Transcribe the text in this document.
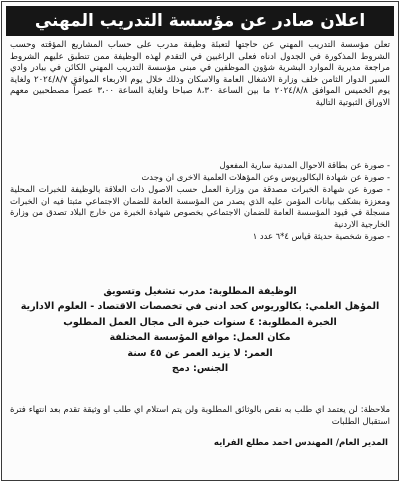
اعلان صادر عن مؤسسة التدريب المهني

تعلن مؤسسة التدريب المهني عن حاجتها لتعبئة وظيفة مدرب على حساب المشاريع المؤقته وحسب الشروط المذكورة في الجدول ادناه فعلى الراغبين في التقدم لهذه الوظيفة ممن تنطبق عليهم الشروط مراجعة مديرية الموارد البشرية شؤون الموظفين في مبنى مؤسسة التدريب المهني الكائن في بيادر وادي السير الدوار الثامن خلف وزارة الاشغال العامة والاسكان وذلك خلال يوم الاربعاء الموافق ٢٠٢٤/٨/٧ ولغاية يوم الخميس الموافق ٢٠٢٤/٨/٨ ما بين الساعة ٨،٣٠ صباحا ولغاية الساعة ٣،٠٠ عصراً مصطحبين معهم الاوراق الثبوتية التالية

- صورة عن بطاقة الاحوال المدنية سارية المفعول

- صورة عن شهادة البكالوريوس وعن المؤهلات العلمية الاخرى ان وجدت

- صورة عن شهادة الخبرات مصدقة من وزارة العمل حسب الاصول ذات العلاقة بالوظيفة للخبرات المحلية ومعززة بشكف بيانات المؤمن عليه الذي يصدر من المؤسسة العامة للضمان الاجتماعي مثبتا فيه ان الخبرات مسجلة في قيود المؤسسة العامة للضمان الاجتماعي بخصوص شهادة الخبرة من خارج البلاد تصدق من وزارة الخارجية الاردنية

- صورة شخصية حديثة قياس ٤*٦ عدد ١

الوظيفة المطلوبة: مدرب تشغيل وتسويق
المؤهل العلمي: بكالوريوس كحد ادنى في تخصصات الاقتصاد - العلوم الادارية
الخبرة المطلوبة: ٤ سنوات خبرة الى مجال العمل المطلوب
مكان العمل: مواقع المؤسسة المختلفة
العمر: لا يزيد العمر عن ٤٥ سنة
الجنس: دمج
ملاحظة: لن يعتمد اي طلب به نقص بالوثائق المطلوبة ولن يتم استلام اي طلب او وثيقة تقدم بعد انتهاء فترة استقبال الطلبات
المدير العام/ المهندس احمد مطلع الفرايه
